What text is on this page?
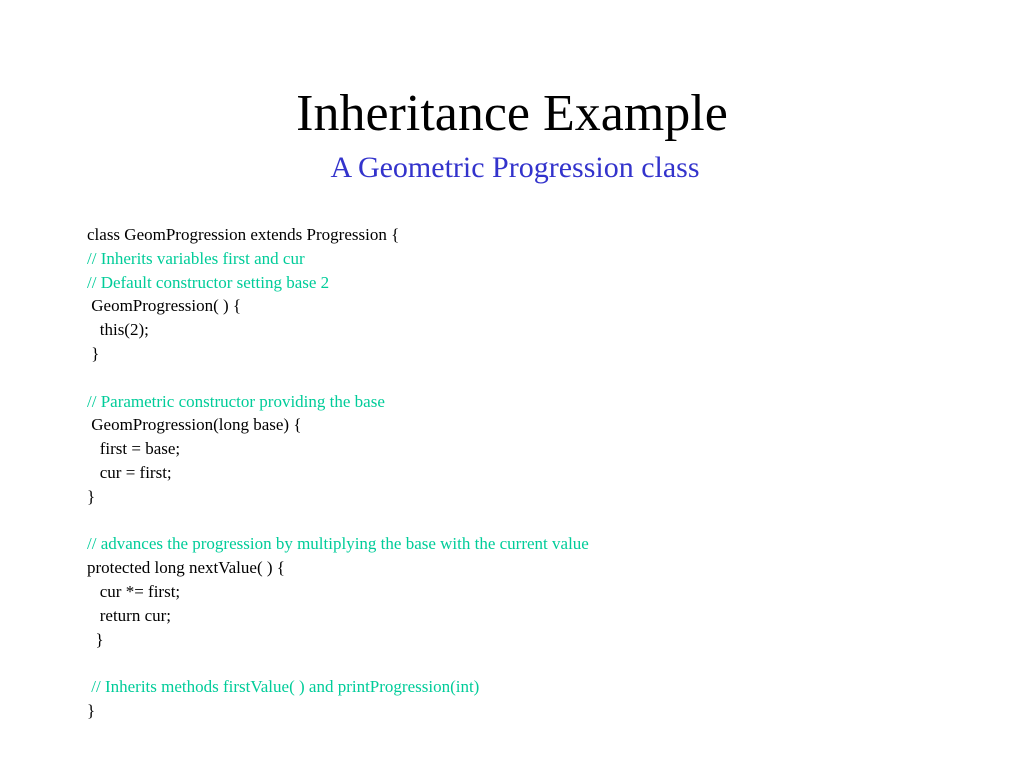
Inheritance Example
A Geometric Progression class
class GeomProgression extends Progression {
// Inherits variables first and cur
// Default constructor setting base 2
GeomProgression( ) {
this(2);
}
// Parametric constructor providing the base
GeomProgression(long base) {
first = base;
cur = first;
}
// advances the progression by multiplying the base with the current value
protected long nextValue( ) {
cur *= first;
return cur;
}
// Inherits methods firstValue( ) and printProgression(int)
}
